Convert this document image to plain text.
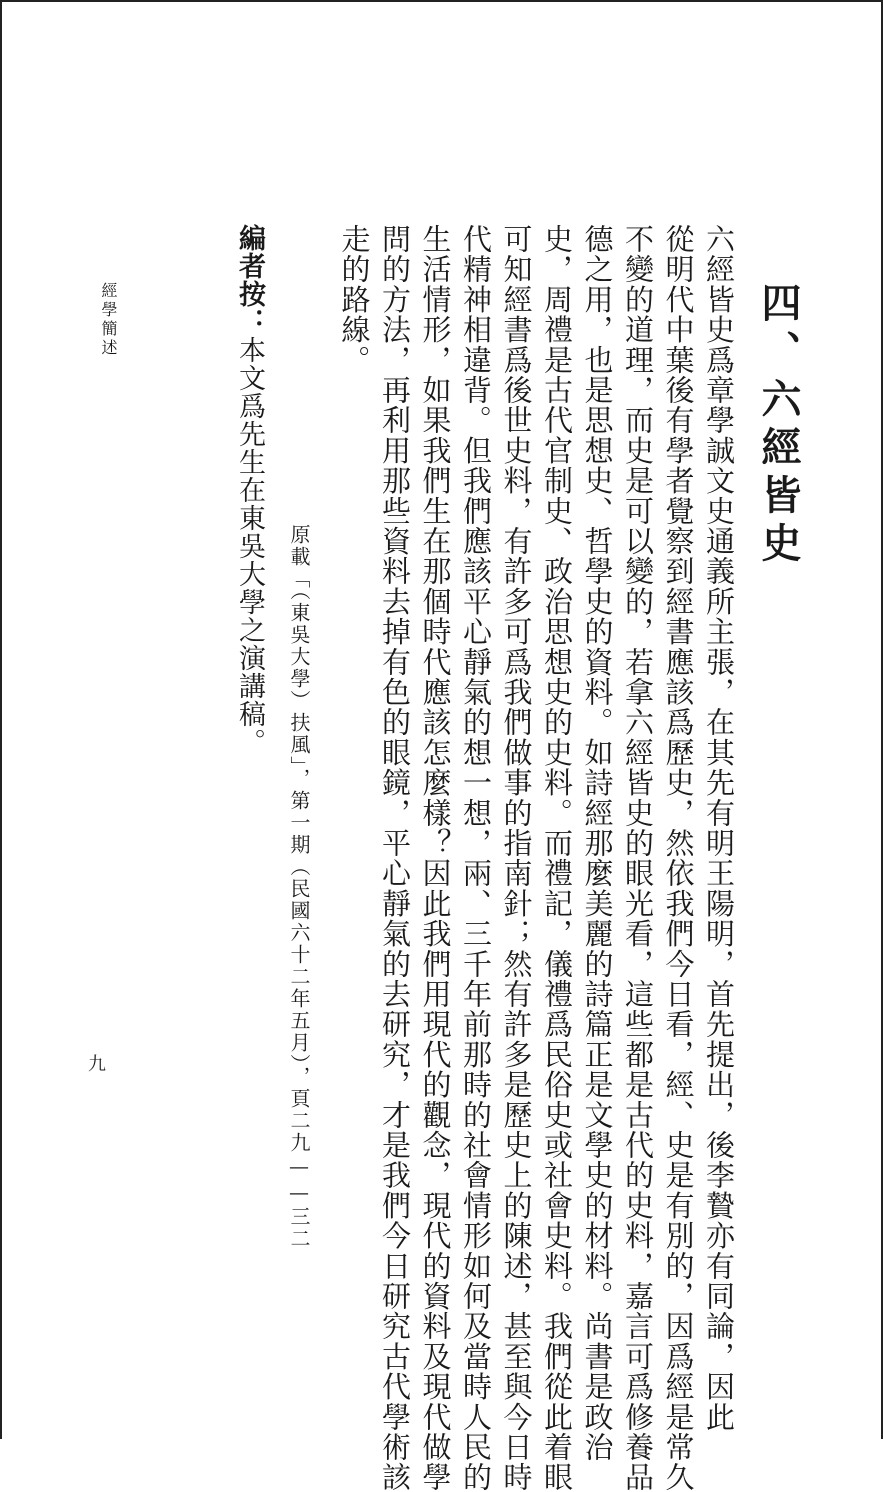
四、六經皆史
六經皆史爲章學誠文史通義所主張，在其先有明王陽明，首先提出，後李贄亦有同論，因此
從明代中葉後有學者覺察到經書應該爲歷史，然依我們今日看，經、史是有別的，因爲經是常久
不變的道理，而史是可以變的，若拿六經皆史的眼光看，這些都是古代的史料，嘉言可爲修養品
德之用，也是思想史、哲學史的資料。如詩經那麼美麗的詩篇正是文學史的材料。尚書是政治
史，周禮是古代官制史、政治思想史的史料。而禮記，儀禮爲民俗史或社會史料。我們從此着眼
可知經書爲後世史料，有許多可爲我們做事的指南針；然有許多是歷史上的陳述，甚至與今日時
代精神相違背。但我們應該平心靜氣的想一想，兩、三千年前那時的社會情形如何及當時人民的
生活情形，如果我們生在那個時代應該怎麼樣？因此我們用現代的觀念，現代的資料及現代做學
問的方法，再利用那些資料去掉有色的眼鏡，平心靜氣的去研究，才是我們今日研究古代學術該
走的路線。
原載「（東吳大學）扶風」，第一期（民國六十二年五月），頁二九——三二
編者按：本文爲先生在東吳大學之演講稿。
經學簡述
九
